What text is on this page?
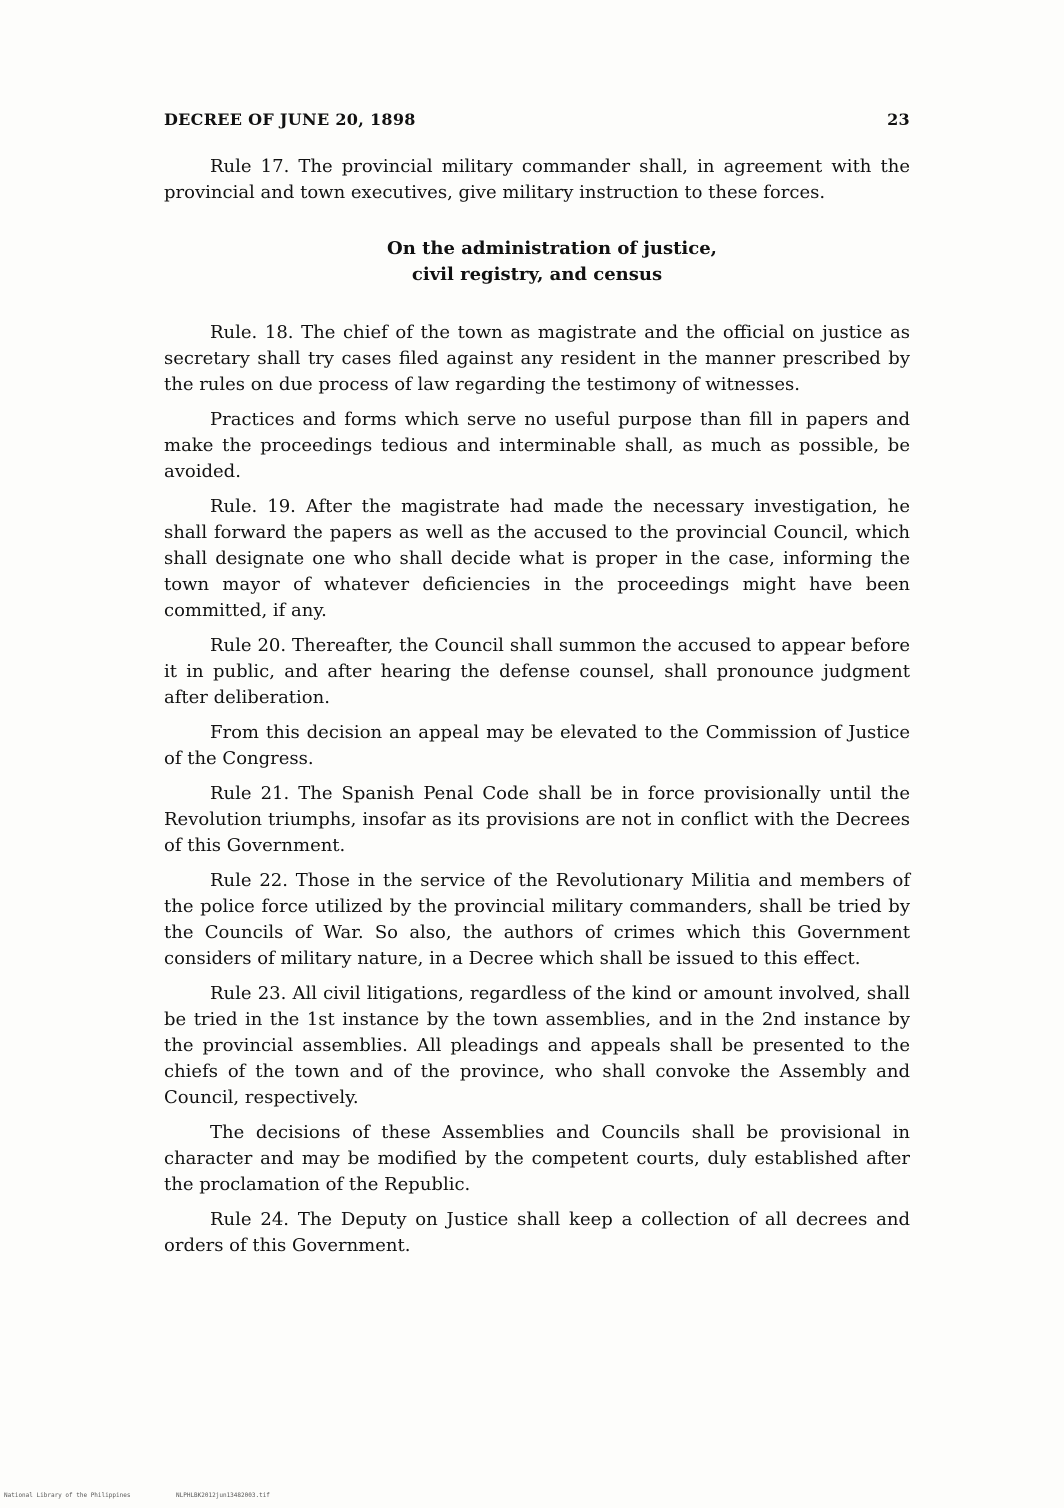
DECREE OF JUNE 20, 1898	23

Rule 17. The provincial military commander shall, in agreement with the provincial and town executives, give military instruction to these forces.

On the administration of justice,
civil registry, and census

Rule. 18. The chief of the town as magistrate and the official on justice as secretary shall try cases filed against any resident in the manner prescribed by the rules on due process of law regarding the testimony of witnesses.

Practices and forms which serve no useful purpose than fill in papers and make the proceedings tedious and interminable shall, as much as possible, be avoided.

Rule. 19. After the magistrate had made the necessary investigation, he shall forward the papers as well as the accused to the provincial Council, which shall designate one who shall decide what is proper in the case, informing the town mayor of whatever deficiencies in the proceedings might have been committed, if any.

Rule 20. Thereafter, the Council shall summon the accused to appear before it in public, and after hearing the defense counsel, shall pronounce judgment after deliberation.

From this decision an appeal may be elevated to the Commission of Justice of the Congress.

Rule 21. The Spanish Penal Code shall be in force provisionally until the Revolution triumphs, insofar as its provisions are not in conflict with the Decrees of this Government.

Rule 22. Those in the service of the Revolutionary Militia and members of the police force utilized by the provincial military commanders, shall be tried by the Councils of War. So also, the authors of crimes which this Government considers of military nature, in a Decree which shall be issued to this effect.

Rule 23. All civil litigations, regardless of the kind or amount involved, shall be tried in the 1st instance by the town assemblies, and in the 2nd instance by the provincial assemblies. All pleadings and appeals shall be presented to the chiefs of the town and of the province, who shall convoke the Assembly and Council, respectively.

The decisions of these Assemblies and Councils shall be provisional in character and may be modified by the competent courts, duly established after the proclamation of the Republic.

Rule 24. The Deputy on Justice shall keep a collection of all decrees and orders of this Government.

National Library of the Philippines	NLPHLBK2012jun13482003.tif
